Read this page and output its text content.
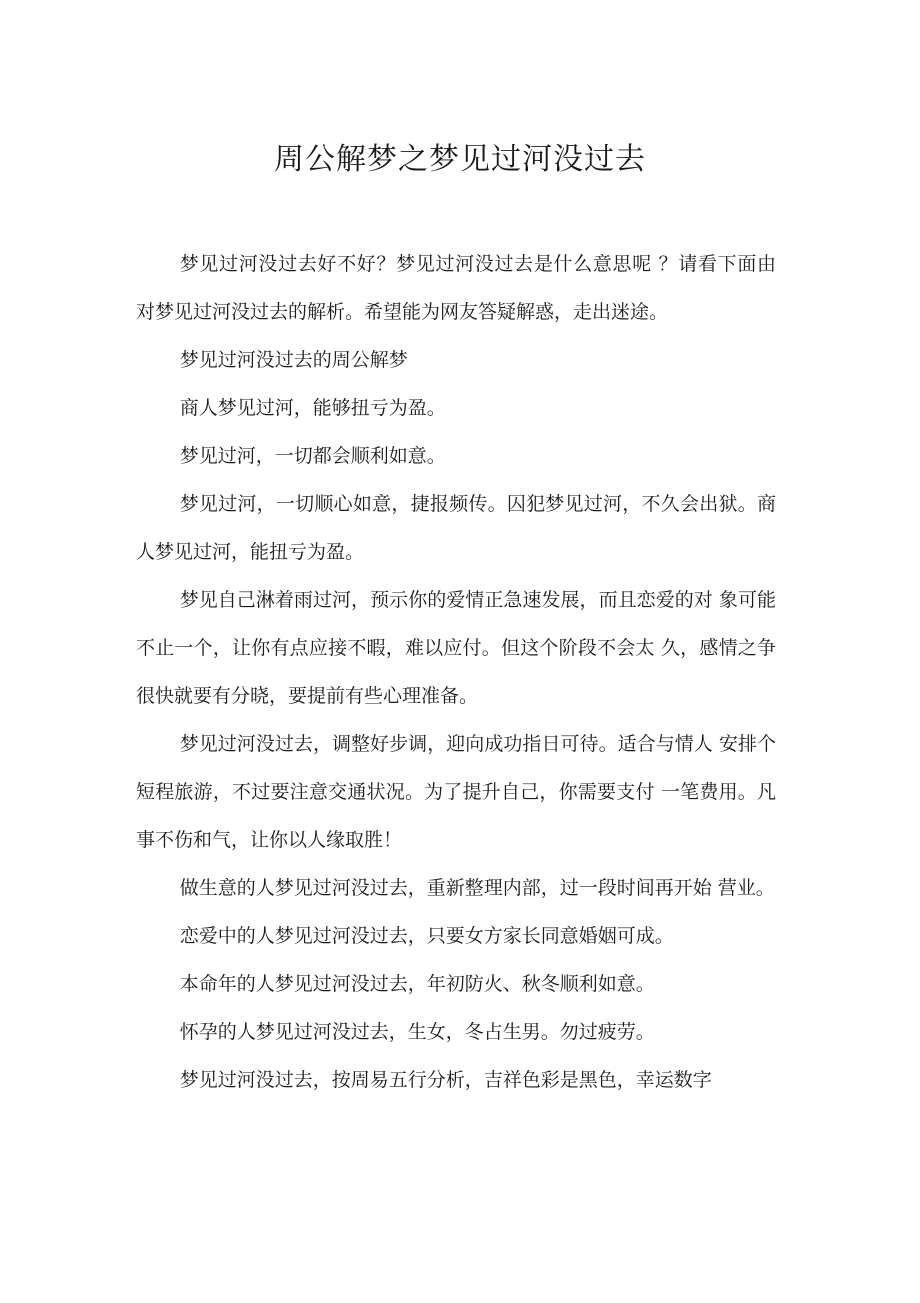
周公解梦之梦见过河没过去

梦见过河没过去好不好？梦见过河没过去是什么意思呢 ？请看下面由 对梦见过河没过去的解析。希望能为网友答疑解惑，走出迷途。

梦见过河没过去的周公解梦

商人梦见过河，能够扭亏为盈。

梦见过河，一切都会顺利如意。

梦见过河，一切顺心如意，捷报频传。囚犯梦见过河，不久会出狱。商人梦见过河，能扭亏为盈。

梦见自己淋着雨过河，预示你的爱情正急速发展，而且恋爱的对 象可能不止一个，让你有点应接不暇，难以应付。但这个阶段不会太 久，感情之争很快就要有分晓，要提前有些心理准备。

梦见过河没过去，调整好步调，迎向成功指日可待。适合与情人 安排个短程旅游，不过要注意交通状况。为了提升自己，你需要支付 一笔费用。凡事不伤和气，让你以人缘取胜！

做生意的人梦见过河没过去，重新整理内部，过一段时间再开始 营业。

恋爱中的人梦见过河没过去，只要女方家长同意婚姻可成。

本命年的人梦见过河没过去，年初防火、秋冬顺利如意。

怀孕的人梦见过河没过去，生女，冬占生男。勿过疲劳。

梦见过河没过去，按周易五行分析，吉祥色彩是黑色，幸运数字
